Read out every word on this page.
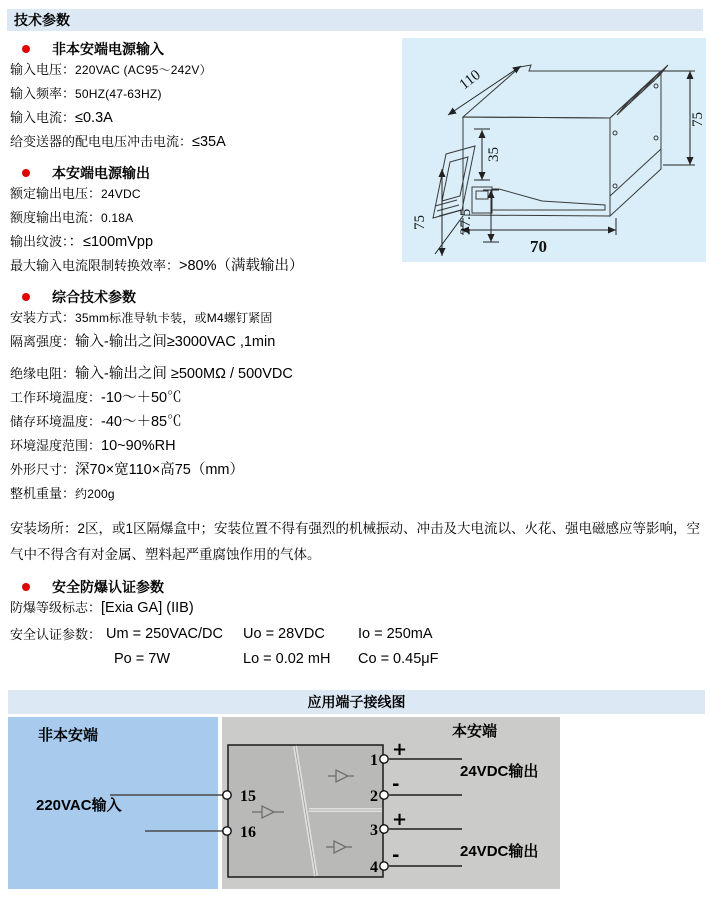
技术参数
非本安端电源输入
输入电压：220VAC (AC95～242V）
输入频率：50HZ(47-63HZ)
输入电流：≤0.3A
给变送器的配电电压冲击电流：≤35A
本安端电源输出
额定输出电压：24VDC
额度输出电流：0.18A
输出纹波：：≤100mVpp
最大输入电流限制转换效率：>80%（满载输出）
综合技术参数
安装方式：35mm标准导轨卡装，或M4螺钉紧固
隔离强度：输入-输出之间≥3000VAC ,1min
绝缘电阻：输入-输出之间 ≥500MΩ / 500VDC
工作环境温度：-10～＋50℃
储存环境温度：-40～＋85℃
环境湿度范围：10~90%RH
外形尺寸：深70×宽110×高75（mm）
整机重量：约200g
安装场所：2区，或1区隔爆盒中；安装位置不得有强烈的机械振动、冲击及大电流以、火花、强电磁感应等影响，空气中不得含有对金属、塑料起严重腐蚀作用的气体。
安全防爆认证参数
防爆等级标志：[Exia GA] (IIB)
安全认证参数： Um = 250VAC/DC	Uo = 28VDC	Io = 250mA
Po = 7W	Lo = 0.02 mH	Co = 0.45μF
110
35
75
75 37.5
70
应用端子接线图
15
16
1
2
3
4
+
-
+
-
非本安端
220VAC输入
本安端
24VDC输出
24VDC输出
